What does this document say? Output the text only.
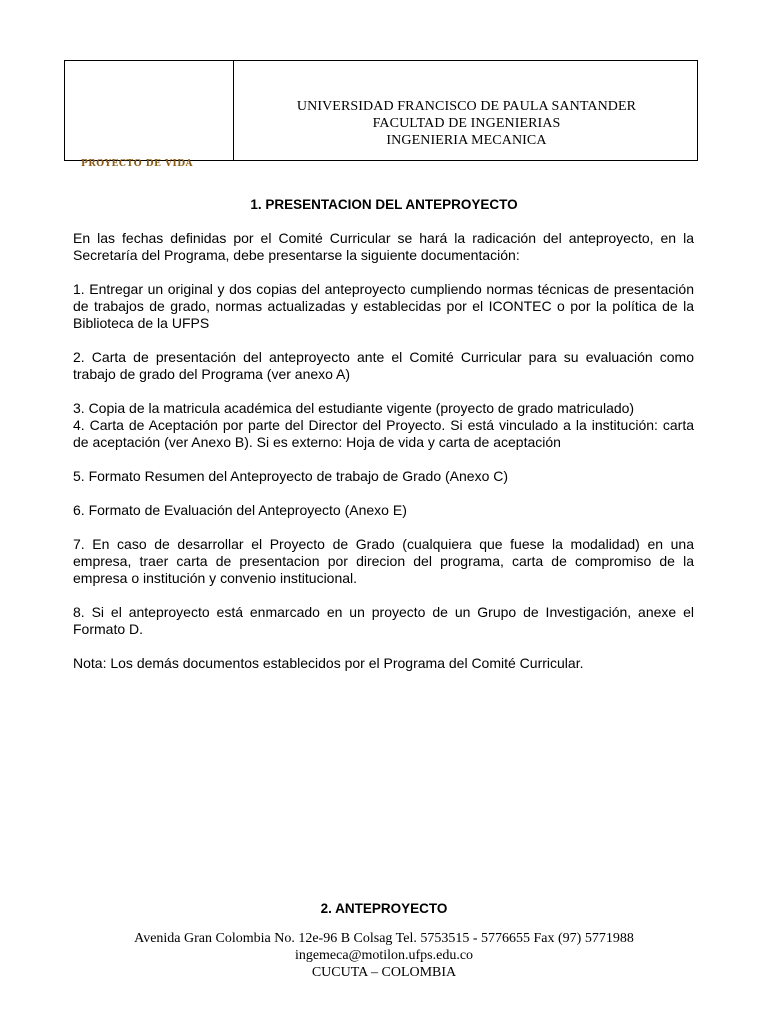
PROYECTO DE VIDA
UNIVERSIDAD FRANCISCO DE PAULA SANTANDER
FACULTAD DE INGENIERIAS
INGENIERIA MECANICA
1. PRESENTACION DEL ANTEPROYECTO

En las fechas definidas por el Comité Curricular se hará la radicación del anteproyecto, en la Secretaría del Programa, debe presentarse la siguiente documentación:

1. Entregar un original y dos copias del anteproyecto cumpliendo normas técnicas de presentación de trabajos de grado, normas actualizadas y establecidas por el ICONTEC o por la política de la Biblioteca de la UFPS

2. Carta de presentación del anteproyecto ante el Comité Curricular para su evaluación como trabajo de grado del Programa (ver anexo A)

3. Copia de la matricula académica del estudiante vigente (proyecto de grado matriculado)

4. Carta de Aceptación por parte del Director del Proyecto. Si está vinculado a la institución: carta de aceptación (ver Anexo B). Si es externo: Hoja de vida y carta de aceptación

5. Formato Resumen del Anteproyecto de trabajo de Grado (Anexo C)

6. Formato de Evaluación del Anteproyecto (Anexo E)

7. En caso de desarrollar el Proyecto de Grado (cualquiera que fuese la modalidad) en una empresa, traer carta de presentacion por direcion del programa, carta de compromiso de la empresa o institución y convenio institucional.

8. Si el anteproyecto está enmarcado en un proyecto de un Grupo de Investigación, anexe el Formato D.

Nota: Los demás documentos establecidos por el Programa del Comité Curricular.

2. ANTEPROYECTO
Avenida Gran Colombia No. 12e-96 B Colsag Tel. 5753515 - 5776655 Fax (97) 5771988
ingemeca@motilon.ufps.edu.co
CUCUTA – COLOMBIA
